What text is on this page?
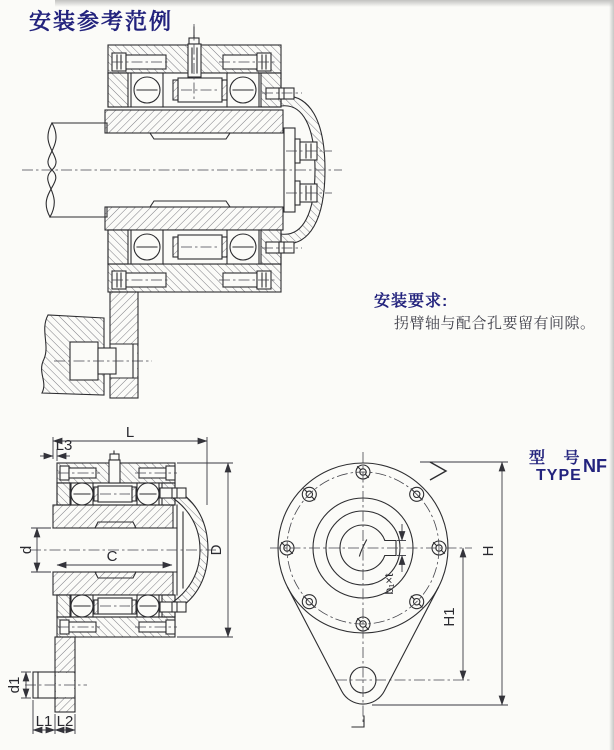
安装参考范例
安装要求:
拐臂轴与配合孔要留有间隙。
型 号
TYPE NF
L
L3
d	C	D
d1
L1 L2
H
H1
b₁×t
